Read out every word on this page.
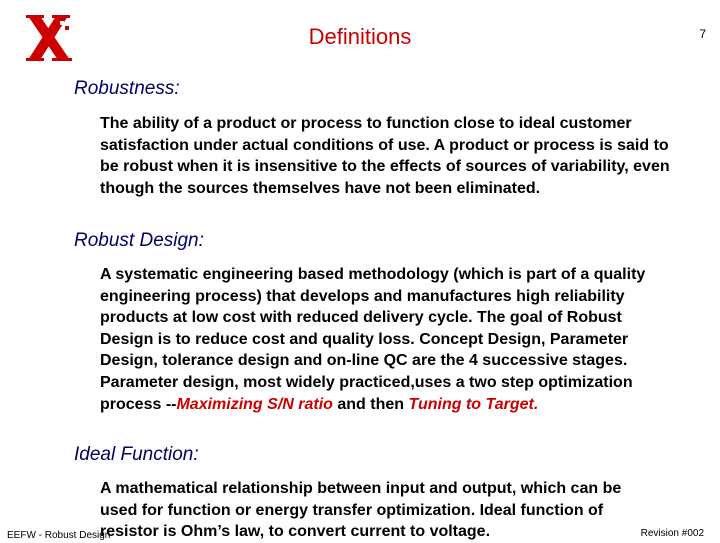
Definitions	7
Robustness:
The ability of a product or process to function close to ideal customer satisfaction under actual conditions of use. A product or process is said to be robust when it is insensitive to the effects of sources of variability, even though the sources themselves have not been eliminated.
Robust Design:
A systematic engineering based methodology (which is part of a quality engineering process) that develops and manufactures high reliability products at low cost with reduced delivery cycle. The goal of Robust Design is to reduce cost and quality loss. Concept Design, Parameter Design, tolerance design and on-line QC are the 4 successive stages. Parameter design, most widely practiced,uses a two step optimization process --Maximizing S/N ratio and then Tuning to Target.
Ideal Function:
A mathematical relationship between input and output, which can be used for function or energy transfer optimization. Ideal function of resistor is Ohm’s law, to convert current to voltage.
EEFW - Robust Design	Revision #002
